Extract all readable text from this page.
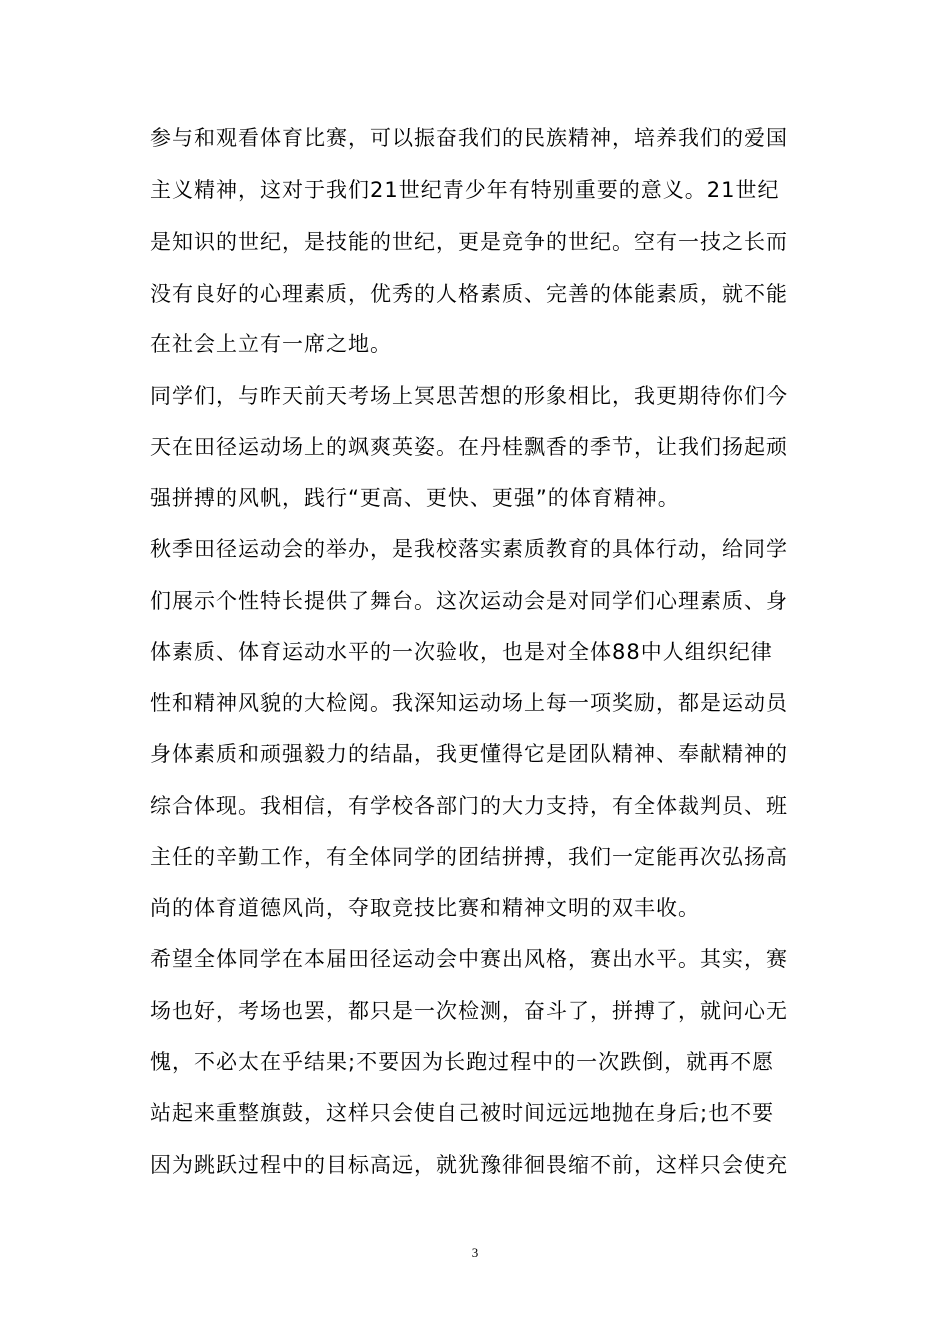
参与和观看体育比赛，可以振奋我们的民族精神，培养我们的爱国
主义精神，这对于我们21世纪青少年有特别重要的意义。21世纪
是知识的世纪，是技能的世纪，更是竞争的世纪。空有一技之长而
没有良好的心理素质，优秀的人格素质、完善的体能素质，就不能
在社会上立有一席之地。
同学们，与昨天前天考场上冥思苦想的形象相比，我更期待你们今
天在田径运动场上的飒爽英姿。在丹桂飘香的季节，让我们扬起顽
强拼搏的风帆，践行“更高、更快、更强”的体育精神。
秋季田径运动会的举办，是我校落实素质教育的具体行动，给同学
们展示个性特长提供了舞台。这次运动会是对同学们心理素质、身
体素质、体育运动水平的一次验收，也是对全体88中人组织纪律
性和精神风貌的大检阅。我深知运动场上每一项奖励，都是运动员
身体素质和顽强毅力的结晶，我更懂得它是团队精神、奉献精神的
综合体现。我相信，有学校各部门的大力支持，有全体裁判员、班
主任的辛勤工作，有全体同学的团结拼搏，我们一定能再次弘扬高
尚的体育道德风尚，夺取竞技比赛和精神文明的双丰收。
希望全体同学在本届田径运动会中赛出风格，赛出水平。其实，赛
场也好，考场也罢，都只是一次检测，奋斗了，拼搏了，就问心无
愧，不必太在乎结果;不要因为长跑过程中的一次跌倒，就再不愿
站起来重整旗鼓，这样只会使自己被时间远远地抛在身后;也不要
因为跳跃过程中的目标高远，就犹豫徘徊畏缩不前，这样只会使充
3
